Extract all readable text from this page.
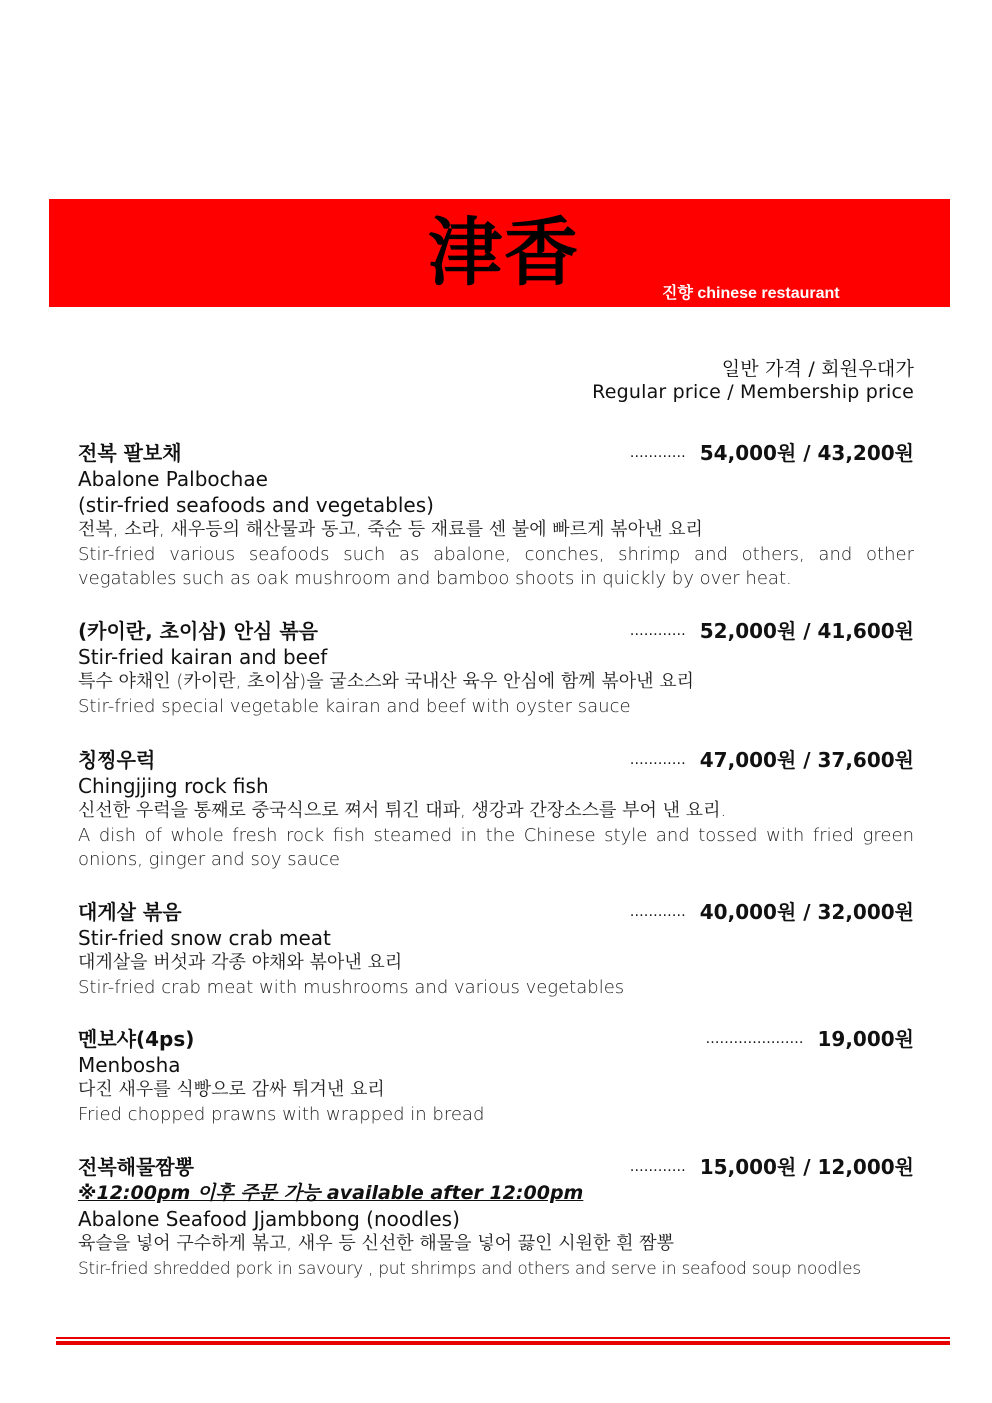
津香	진향 chinese restaurant
일반 가격 / 회원우대가
Regular price / Membership price
전복 팔보채
Abalone Palbochae
(stir-fried seafoods and vegetables)
전복, 소라, 새우등의 해산물과 동고, 죽순 등 재료를 센 불에 빠르게 볶아낸 요리
Stir-fried various seafoods such as abalone, conches, shrimp and others, and other vegatables such as oak mushroom and bamboo shoots in quickly by over heat.
………… 54,000원 / 43,200원
(카이란, 초이삼) 안심 볶음
Stir-fried kairan and beef
특수 야채인 (카이란, 초이삼)을 굴소스와 국내산 육우 안심에 함께 볶아낸 요리
Stir-fried special vegetable kairan and beef with oyster sauce
………… 52,000원 / 41,600원
칭찡우럭
Chingjjing rock fish
신선한 우럭을 통째로 중국식으로 쪄서 튀긴 대파, 생강과 간장소스를 부어 낸 요리.
A dish of whole fresh rock fish steamed in the Chinese style and tossed with fried green onions, ginger and soy sauce
………… 47,000원 / 37,600원
대게살 볶음
Stir-fried snow crab meat
대게살을 버섯과 각종 야채와 볶아낸 요리
Stir-fried crab meat with mushrooms and various vegetables
………… 40,000원 / 32,000원
멘보샤(4ps)
Menbosha
다진 새우를 식빵으로 감싸 튀겨낸 요리
Fried chopped prawns with wrapped in bread
………………… 19,000원
전복해물짬뽕
※12:00pm 이후 주문 가능 available after 12:00pm
Abalone Seafood Jjambbong (noodles)
육슬을 넣어 구수하게 볶고, 새우 등 신선한 해물을 넣어 끓인 시원한 흰 짬뽕
Stir-fried shredded pork in savoury , put shrimps and others and serve in seafood soup noodles
………… 15,000원 / 12,000원
